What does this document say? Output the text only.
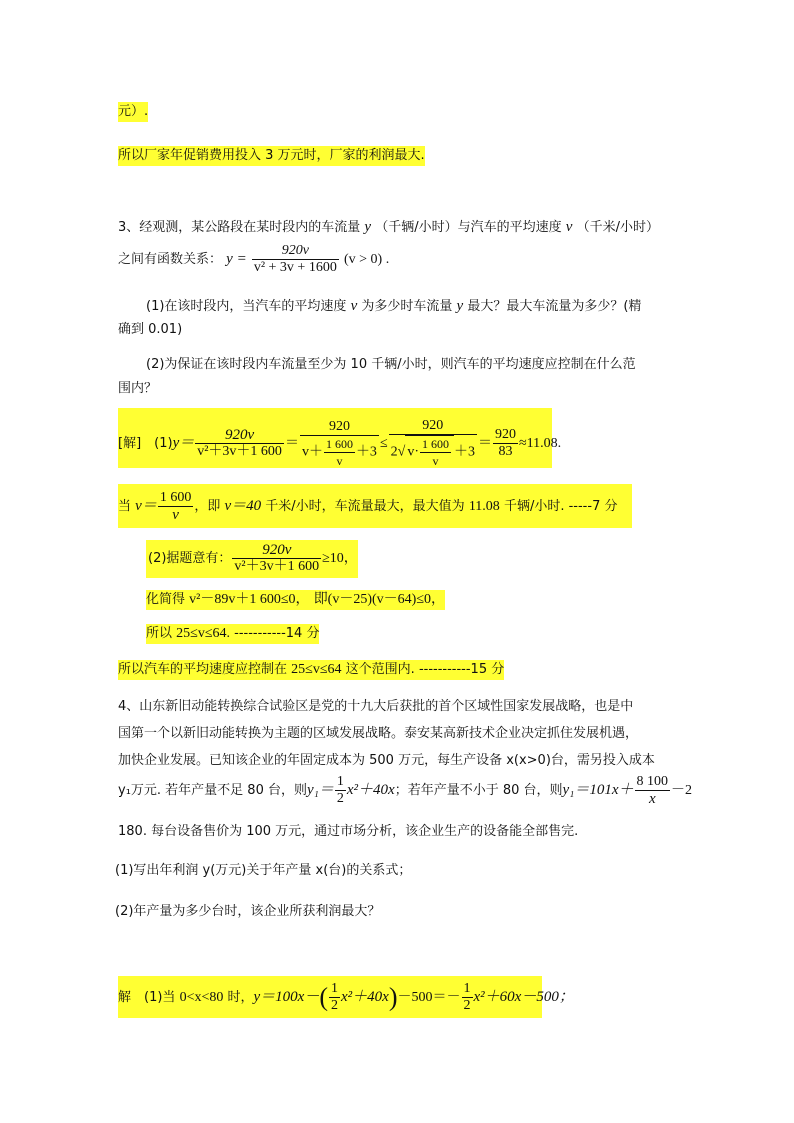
元）.
所以厂家年促销费用投入 3 万元时，厂家的利润最大.
3、经观测，某公路段在某时段内的车流量 y （千辆/小时）与汽车的平均速度 v （千米/小时）
之间有函数关系： $y = \frac{920v}{\text{v² + 3v + 1600}} (v > 0)$ .
(1)在该时段内，当汽车的平均速度 v 为多少时车流量 y 最大？最大车流量为多少？(精
确到 0.01)
(2)为保证在该时段内车流量至少为 10 千辆/小时，则汽车的平均速度应控制在什么范
围内？
[解]　$(1)y= \frac{920v}{\text{v²＋3v＋1 600}} = \frac{920}{v+ \frac{1 600}{v} +3} \le \frac{920}{2√ v\cdot \frac{1 600}{v} +3} = \frac{920}{83} \approx 11.08$.
当 $v= \frac{1 600}{v}$ ，即 v＝40 千米/小时，车流量最大，最大值为 11.08 千辆/小时. -----7 分
(2)据题意有： $\frac{920v}{\text{v²＋3v＋1 600}} \ge 10$，
化简得 v²－89v＋1 600≤0， 即(v－25)(v－64)≤0，
所以 25≤v≤64. -----------14 分
所以汽车的平均速度应控制在 25≤v≤64 这个范围内. -----------15 分
4、山东新旧动能转换综合试验区是党的十九大后获批的首个区域性国家发展战略，也是中
国第一个以新旧动能转换为主题的区域发展战略。泰安某高新技术企业决定抓住发展机遇，
加快企业发展。已知该企业的年固定成本为 500 万元，每生产设备 x(x>0)台，需另投入成本
y₁万元. 若年产量不足 80 台，则$y_1= \frac{1}{2} x^2+40x$；若年产量不小于 80 台，则$y_1=101x+ \frac{8 100}{x} -2$
180. 每台设备售价为 100 万元，通过市场分析，该企业生产的设备能全部售完.
(1)写出年利润 y(万元)关于年产量 x(台)的关系式；
(2)年产量为多少台时，该企业所获利润最大？
解　(1)当 0<x<80 时，$y=100x-( \frac{1}{2} x^2+40x)-500=- \frac{1}{2} x^2+60x-500$；
